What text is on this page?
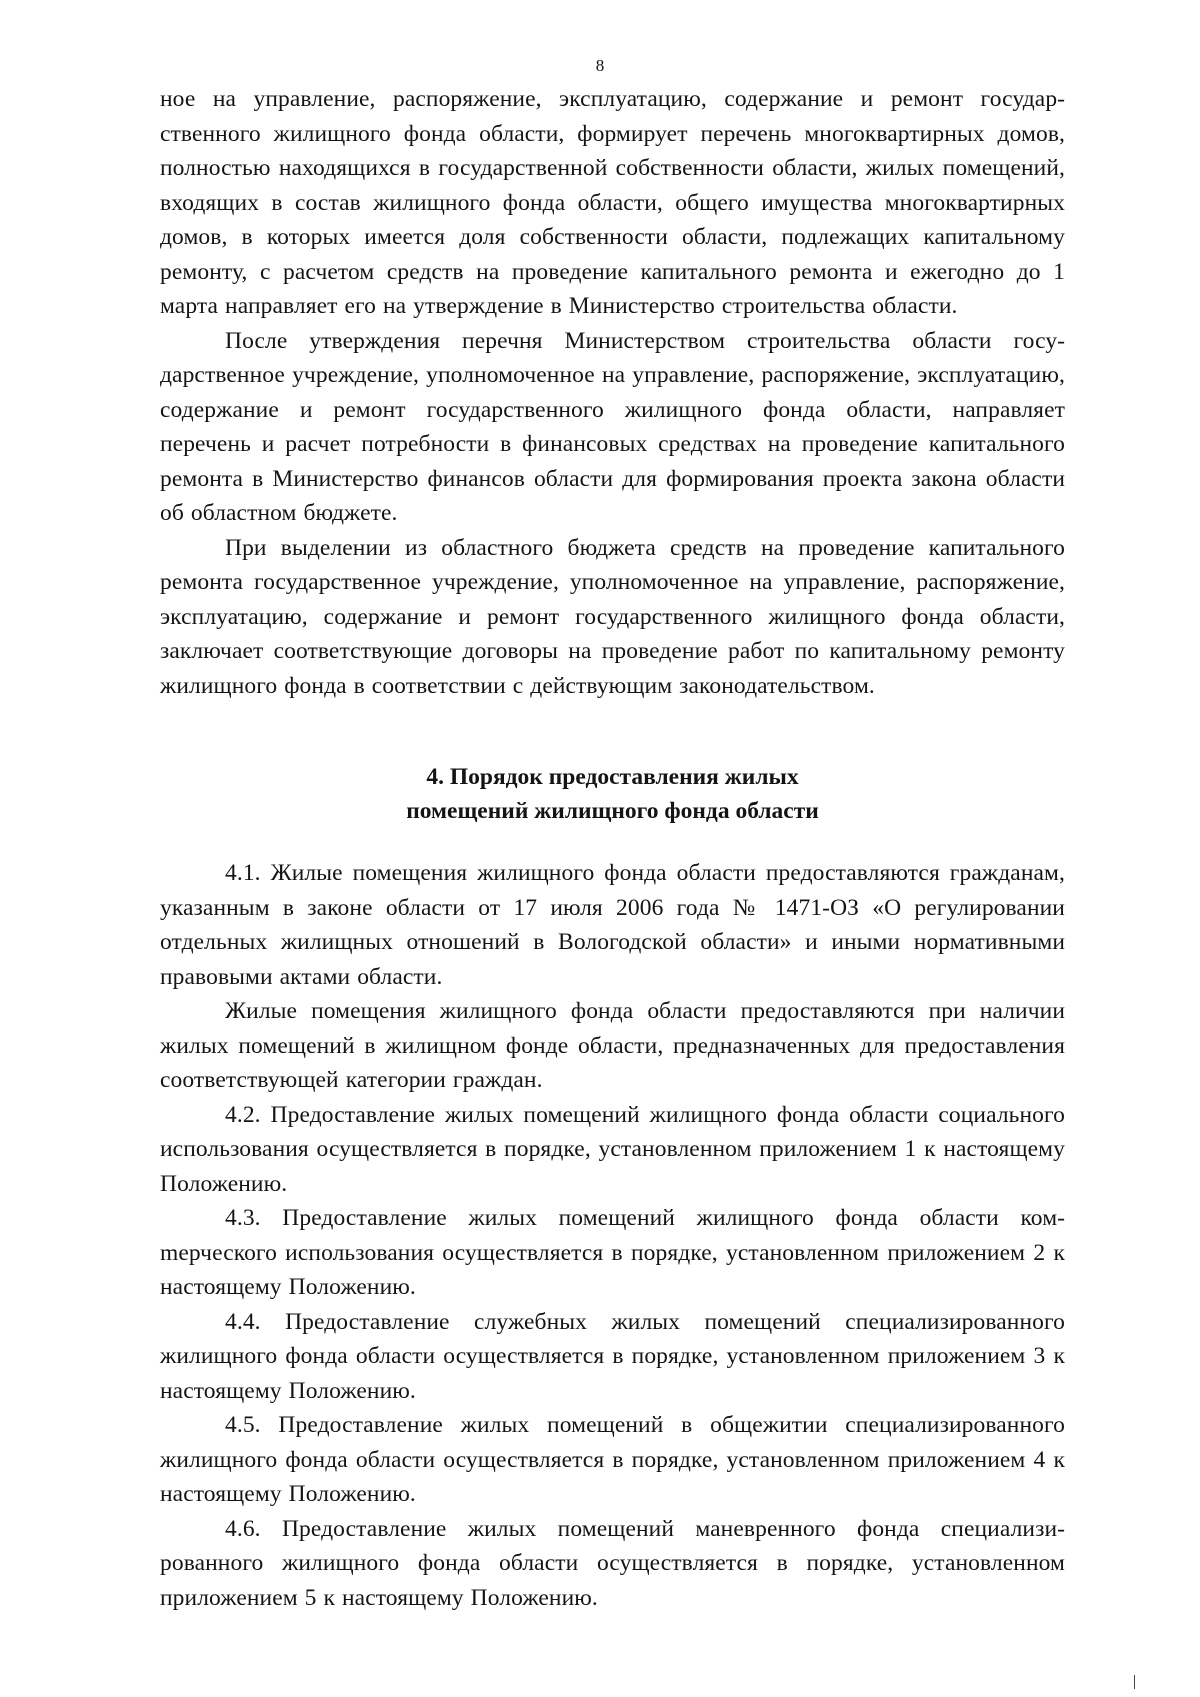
8

ное на управление, распоряжение, эксплуатацию, содержание и ремонт государственного жилищного фонда области, формирует перечень многоквартирных домов, полностью находящихся в государственной собственности области, жилых помещений, входящих в состав жилищного фонда области, общего имущества многоквартирных домов, в которых имеется доля собственности области, подлежащих капитальному ремонту, с расчетом средств на проведение капитального ремонта и ежегодно до 1 марта направляет его на утверждение в Министерство строительства области.

После утверждения перечня Министерством строительства области государственное учреждение, уполномоченное на управление, распоряжение, эксплуатацию, содержание и ремонт государственного жилищного фонда области, направляет перечень и расчет потребности в финансовых средствах на проведение капитального ремонта в Министерство финансов области для формирования проекта закона области об областном бюджете.

При выделении из областного бюджета средств на проведение капитального ремонта государственное учреждение, уполномоченное на управление, распоряжение, эксплуатацию, содержание и ремонт государственного жилищного фонда области, заключает соответствующие договоры на проведение работ по капитальному ремонту жилищного фонда в соответствии с действующим законодательством.

4. Порядок предоставления жилых
помещений жилищного фонда области

4.1. Жилые помещения жилищного фонда области предоставляются гражданам, указанным в законе области от 17 июля 2006 года № 1471-ОЗ «О регулировании отдельных жилищных отношений в Вологодской области» и иными нормативными правовыми актами области.

Жилые помещения жилищного фонда области предоставляются при наличии жилых помещений в жилищном фонде области, предназначенных для предоставления соответствующей категории граждан.

4.2. Предоставление жилых помещений жилищного фонда области социального использования осуществляется в порядке, установленном приложением 1 к настоящему Положению.

4.3. Предоставление жилых помещений жилищного фонда области комmерческого использования осуществляется в порядке, установленном приложением 2 к настоящему Положению.

4.4. Предоставление служебных жилых помещений специализированного жилищного фонда области осуществляется в порядке, установленном приложением 3 к настоящему Положению.

4.5. Предоставление жилых помещений в общежитии специализированного жилищного фонда области осуществляется в порядке, установленном приложением 4 к настоящему Положению.

4.6. Предоставление жилых помещений маневренного фонда специализированного жилищного фонда области осуществляется в порядке, установленном приложением 5 к настоящему Положению.
